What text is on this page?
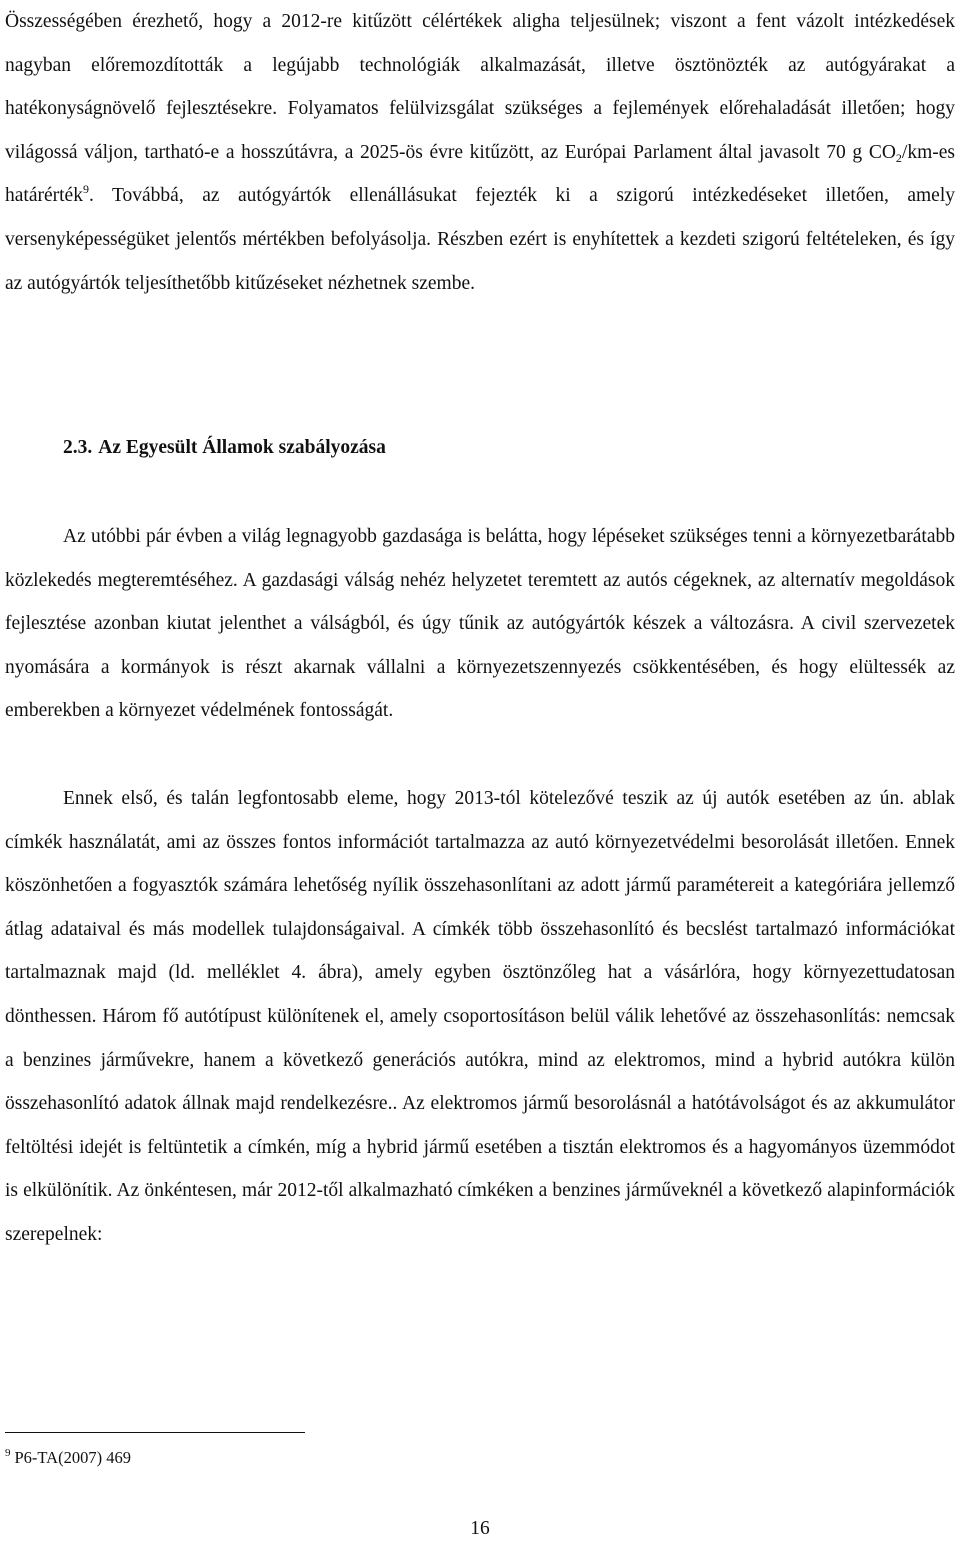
Összességében érezhető, hogy a 2012-re kitűzött célértékek aligha teljesülnek; viszont a fent vázolt intézkedések nagyban előremozdították a legújabb technológiák alkalmazását, illetve ösztönözték az autógyárakat a hatékonyságnövelő fejlesztésekre. Folyamatos felülvizsgálat szükséges a fejlemények előrehaladását illetően; hogy világossá váljon, tartható-e a hosszútávra, a 2025-ös évre kitűzött, az Európai Parlament által javasolt 70 g $CO_2/km-es$ határérték$^9$. Továbbá, az autógyártók ellenállásukat fejezték ki a szigorú intézkedéseket illetően, amely versenyképességüket jelentős mértékben befolyásolja. Részben ezért is enyhítettek a kezdeti szigorú feltételeken, és így az autógyártók teljesíthetőbb kitűzéseket nézhetnek szembe.

2.3. Az Egyesült Államok szabályozása

Az utóbbi pár évben a világ legnagyobb gazdasága is belátta, hogy lépéseket szükséges tenni a környezetbarátabb közlekedés megteremtéséhez. A gazdasági válság nehéz helyzetet teremtett az autós cégeknek, az alternatív megoldások fejlesztése azonban kiutat jelenthet a válságból, és úgy tűnik az autógyártók készek a változásra. A civil szervezetek nyomására a kormányok is részt akarnak vállalni a környezetszennyezés csökkentésében, és hogy elültessék az emberekben a környezet védelmének fontosságát.

Ennek első, és talán legfontosabb eleme, hogy 2013-tól kötelezővé teszik az új autók esetében az ún. ablak címkék használatát, ami az összes fontos információt tartalmazza az autó környezetvédelmi besorolását illetően. Ennek köszönhetően a fogyasztók számára lehetőség nyílik összehasonlítani az adott jármű paramétereit a kategóriára jellemző átlag adataival és más modellek tulajdonságaival. A címkék több összehasonlító és becslést tartalmazó információkat tartalmaznak majd (ld. melléklet 4. ábra), amely egyben ösztönzőleg hat a vásárlóra, hogy környezettudatosan dönthessen. Három fő autótípust különítenek el, amely csoportosításon belül válik lehetővé az összehasonlítás: nemcsak a benzines járművekre, hanem a következő generációs autókra, mind az elektromos, mind a hybrid autókra külön összehasonlító adatok állnak majd rendelkezésre.. Az elektromos jármű besorolásnál a hatótávolságot és az akkumulátor feltöltési idejét is feltüntetik a címkén, míg a hybrid jármű esetében a tisztán elektromos és a hagyományos üzemmódot is elkülönítik. Az önkéntesen, már 2012-től alkalmazható címkéken a benzines járműveknél a következő alapinformációk szerepelnek:

$^9$ P6-TA(2007) 469
16
